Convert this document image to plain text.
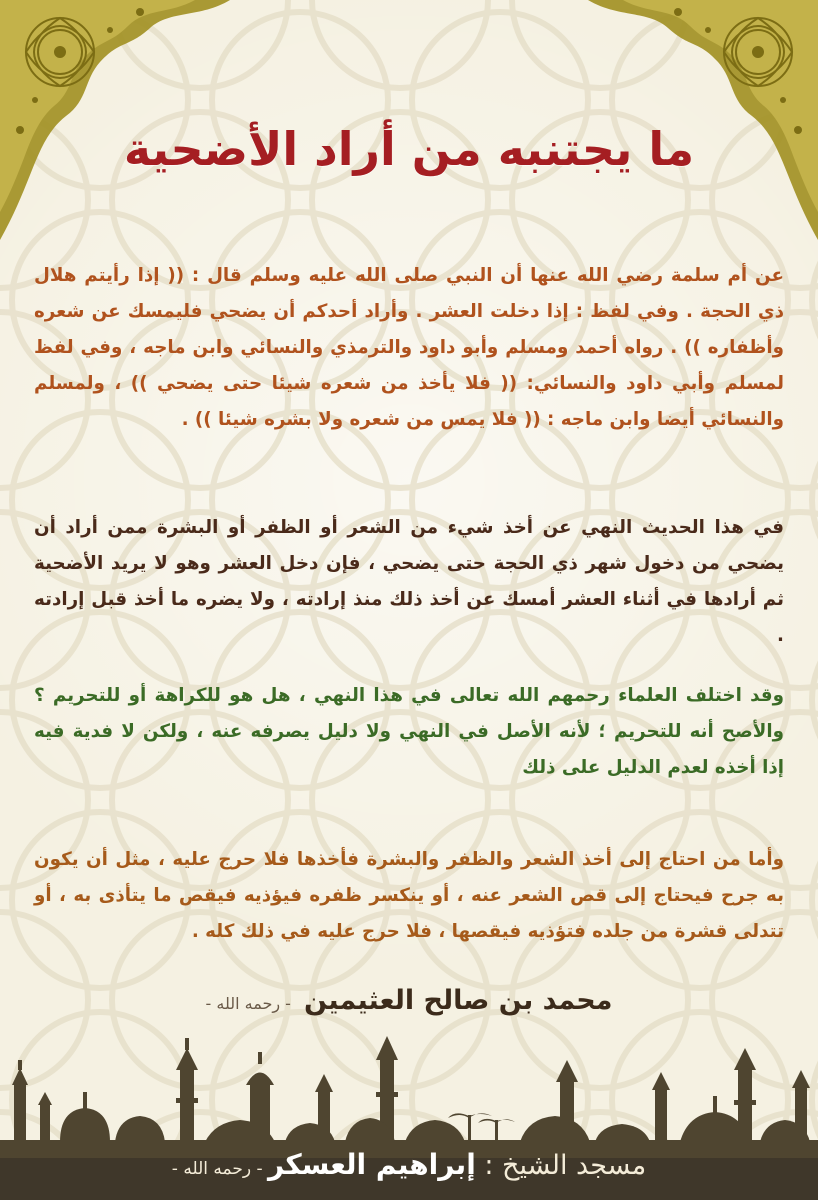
ما يجتنبه من أراد الأضحية

عن أم سلمة رضي الله عنها أن النبي صلى الله عليه وسلم قال : (( إذا رأيتم هلال ذي الحجة . وفي لفظ : إذا دخلت العشر . وأراد أحدكم أن يضحي فليمسك عن شعره وأظفاره )) . رواه أحمد ومسلم وأبو داود والترمذي والنسائي وابن ماجه ، وفي لفظ لمسلم وأبي داود والنسائي: (( فلا يأخذ من شعره شيئا حتى يضحي )) ، ولمسلم والنسائي أيضا وابن ماجه : (( فلا يمس من شعره ولا بشره شيئا )) .

في هذا الحديث النهي عن أخذ شيء من الشعر أو الظفر أو البشرة ممن أراد أن يضحي من دخول شهر ذي الحجة حتى يضحي ، فإن دخل العشر وهو لا يريد الأضحية ثم أرادها في أثناء العشر أمسك عن أخذ ذلك منذ إرادته ، ولا يضره ما أخذ قبل إرادته .

وقد اختلف العلماء رحمهم الله تعالى في هذا النهي ، هل هو للكراهة أو للتحريم ؟ والأصح أنه للتحريم ؛ لأنه الأصل في النهي ولا دليل يصرفه عنه ، ولكن لا فدية فيه إذا أخذه لعدم الدليل على ذلك

وأما من احتاج إلى أخذ الشعر والظفر والبشرة فأخذها فلا حرج عليه ، مثل أن يكون به جرح فيحتاج إلى قص الشعر عنه ، أو ينكسر ظفره فيؤذيه فيقص ما يتأذى به ، أو تتدلى قشرة من جلده فتؤذيه فيقصها ، فلا حرج عليه في ذلك كله .

محمد بن صالح العثيمين - رحمه الله -
مسجد الشيخ : إبراهيم العسكر - رحمه الله -
